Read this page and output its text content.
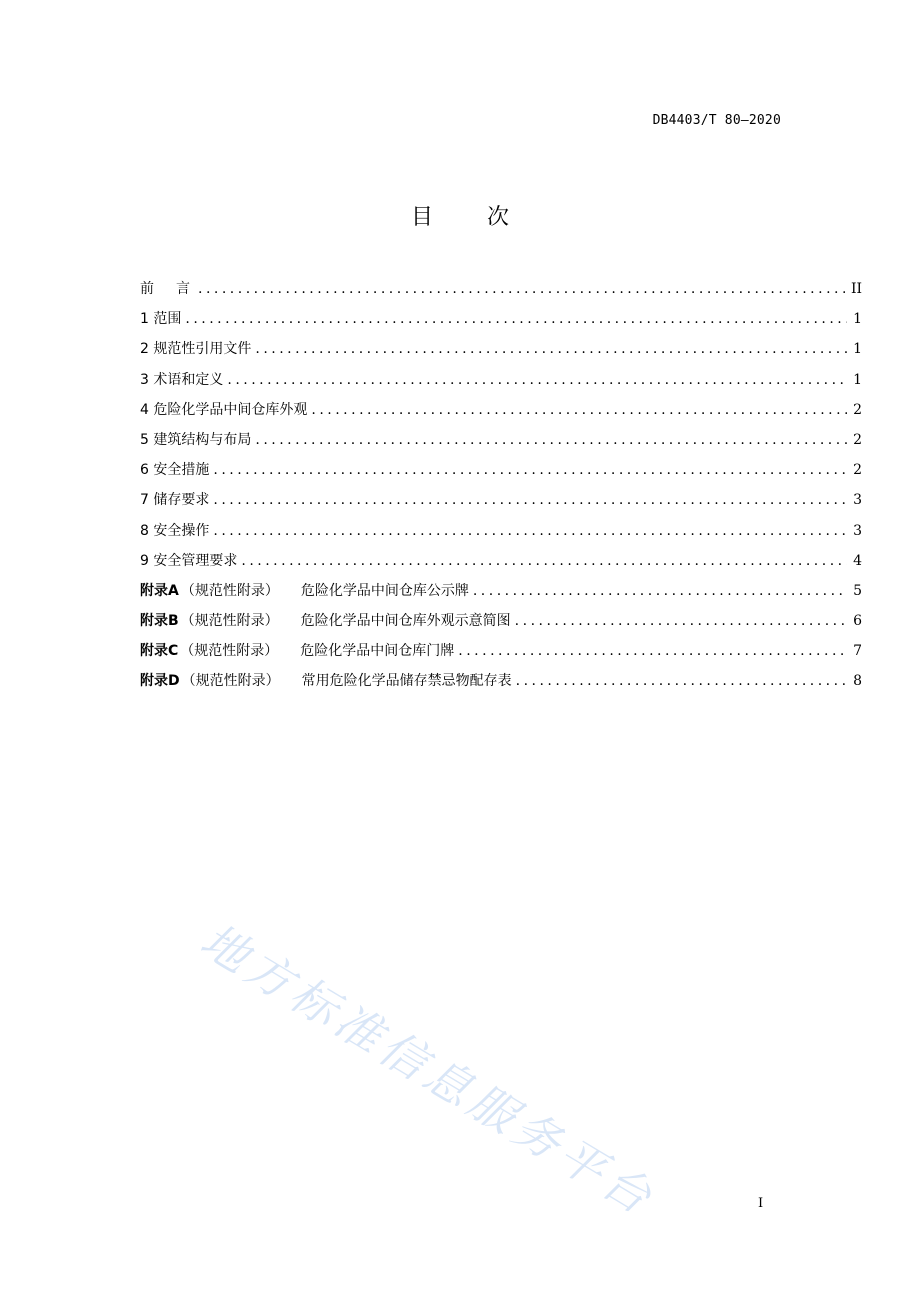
DB4403/T 80—2020
目次
前　言 .....	II
1 范围 .....	1
2 规范性引用文件 .....	1
3 术语和定义 .....	1
4 危险化学品中间仓库外观 .....	2
5 建筑结构与布局 .....	2
6 安全措施 .....	2
7 储存要求 .....	3
8 安全操作 .....	3
9 安全管理要求 .....	4
附录A （规范性附录） 危险化学品中间仓库公示牌 .....	5
附录B （规范性附录） 危险化学品中间仓库外观示意简图 .....	6
附录C （规范性附录） 危险化学品中间仓库门牌 .....	7
附录D （规范性附录） 常用危险化学品储存禁忌物配存表 .....	8
地方标准信息服务平台	I
